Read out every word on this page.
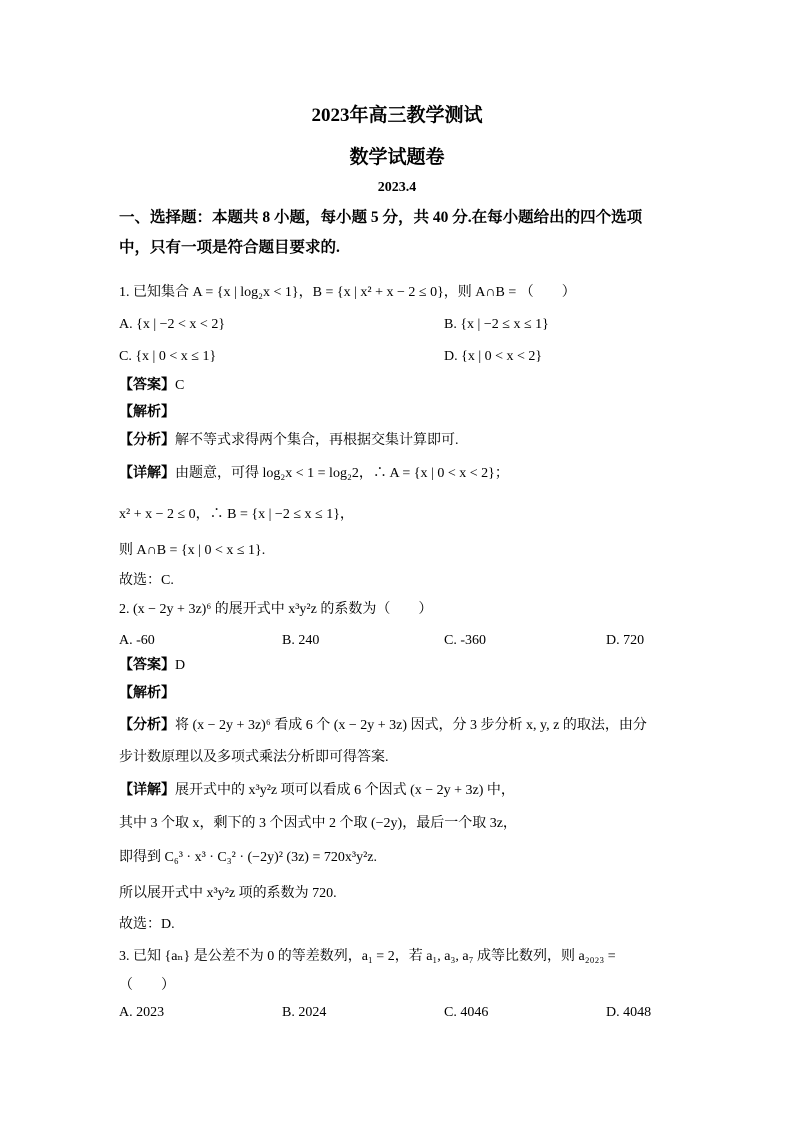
2023年高三教学测试
数学试题卷
2023.4
一、选择题：本题共 8 小题，每小题 5 分，共 40 分.在每小题给出的四个选项
中，只有一项是符合题目要求的.
1. 已知集合 A = {x | log₂x < 1}，B = {x | x² + x − 2 ≤ 0}，则 A∩B = （　　）
A. {x | −2 < x < 2}	B. {x | −2 ≤ x ≤ 1}
C. {x | 0 < x ≤ 1}	D. {x | 0 < x < 2}
【答案】C
【解析】
【分析】解不等式求得两个集合，再根据交集计算即可.
【详解】由题意，可得 log₂x < 1 = log₂2，∴ A = {x | 0 < x < 2}；
x² + x − 2 ≤ 0，∴ B = {x | −2 ≤ x ≤ 1}，
则 A∩B = {x | 0 < x ≤ 1}.
故选：C.
2. (x − 2y + 3z)⁶ 的展开式中 x³y²z 的系数为（　　）
A. -60	B. 240	C. -360	D. 720
【答案】D
【解析】
【分析】将 (x − 2y + 3z)⁶ 看成 6 个 (x − 2y + 3z) 因式，分 3 步分析 x, y, z 的取法，由分
步计数原理以及多项式乘法分析即可得答案.
【详解】展开式中的 x³y²z 项可以看成 6 个因式 (x − 2y + 3z) 中，
其中 3 个取 x，剩下的 3 个因式中 2 个取 (−2y)，最后一个取 3z，
即得到 C₆³ · x³ · C₃² · (−2y)² (3z) = 720x³y²z.
所以展开式中 x³y²z 项的系数为 720.
故选：D.
3. 已知 {aₙ} 是公差不为 0 的等差数列，a₁ = 2，若 a₁, a₃, a₇ 成等比数列，则 a₂₀₂₃ =
（　　）
A. 2023	B. 2024	C. 4046	D. 4048
